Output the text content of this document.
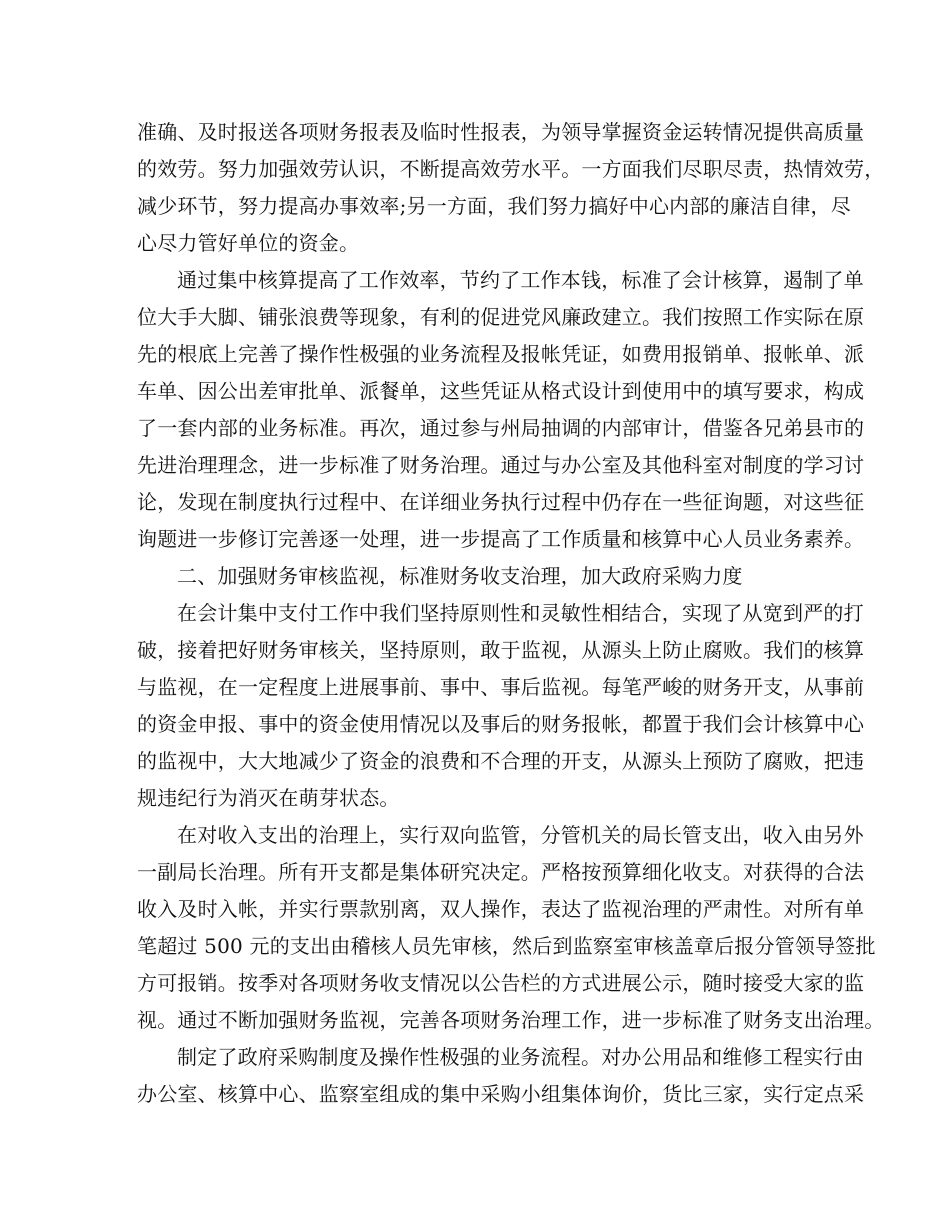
准确、及时报送各项财务报表及临时性报表，为领导掌握资金运转情况提供高质量
的效劳。努力加强效劳认识，不断提高效劳水平。一方面我们尽职尽责，热情效劳，
减少环节，努力提高办事效率;另一方面，我们努力搞好中心内部的廉洁自律，尽
心尽力管好单位的资金。
通过集中核算提高了工作效率，节约了工作本钱，标准了会计核算，遏制了单
位大手大脚、铺张浪费等现象，有利的促进党风廉政建立。我们按照工作实际在原
先的根底上完善了操作性极强的业务流程及报帐凭证，如费用报销单、报帐单、派
车单、因公出差审批单、派餐单，这些凭证从格式设计到使用中的填写要求，构成
了一套内部的业务标准。再次，通过参与州局抽调的内部审计，借鉴各兄弟县市的
先进治理理念，进一步标准了财务治理。通过与办公室及其他科室对制度的学习讨
论，发现在制度执行过程中、在详细业务执行过程中仍存在一些征询题，对这些征
询题进一步修订完善逐一处理，进一步提高了工作质量和核算中心人员业务素养。
二、加强财务审核监视，标准财务收支治理，加大政府采购力度
在会计集中支付工作中我们坚持原则性和灵敏性相结合，实现了从宽到严的打
破，接着把好财务审核关，坚持原则，敢于监视，从源头上防止腐败。我们的核算
与监视，在一定程度上进展事前、事中、事后监视。每笔严峻的财务开支，从事前
的资金申报、事中的资金使用情况以及事后的财务报帐，都置于我们会计核算中心
的监视中，大大地减少了资金的浪费和不合理的开支，从源头上预防了腐败，把违
规违纪行为消灭在萌芽状态。
在对收入支出的治理上，实行双向监管，分管机关的局长管支出，收入由另外
一副局长治理。所有开支都是集体研究决定。严格按预算细化收支。对获得的合法
收入及时入帐，并实行票款别离，双人操作，表达了监视治理的严肃性。对所有单
笔超过 500 元的支出由稽核人员先审核，然后到监察室审核盖章后报分管领导签批
方可报销。按季对各项财务收支情况以公告栏的方式进展公示，随时接受大家的监
视。通过不断加强财务监视，完善各项财务治理工作，进一步标准了财务支出治理。
制定了政府采购制度及操作性极强的业务流程。对办公用品和维修工程实行由
办公室、核算中心、监察室组成的集中采购小组集体询价，货比三家，实行定点采
